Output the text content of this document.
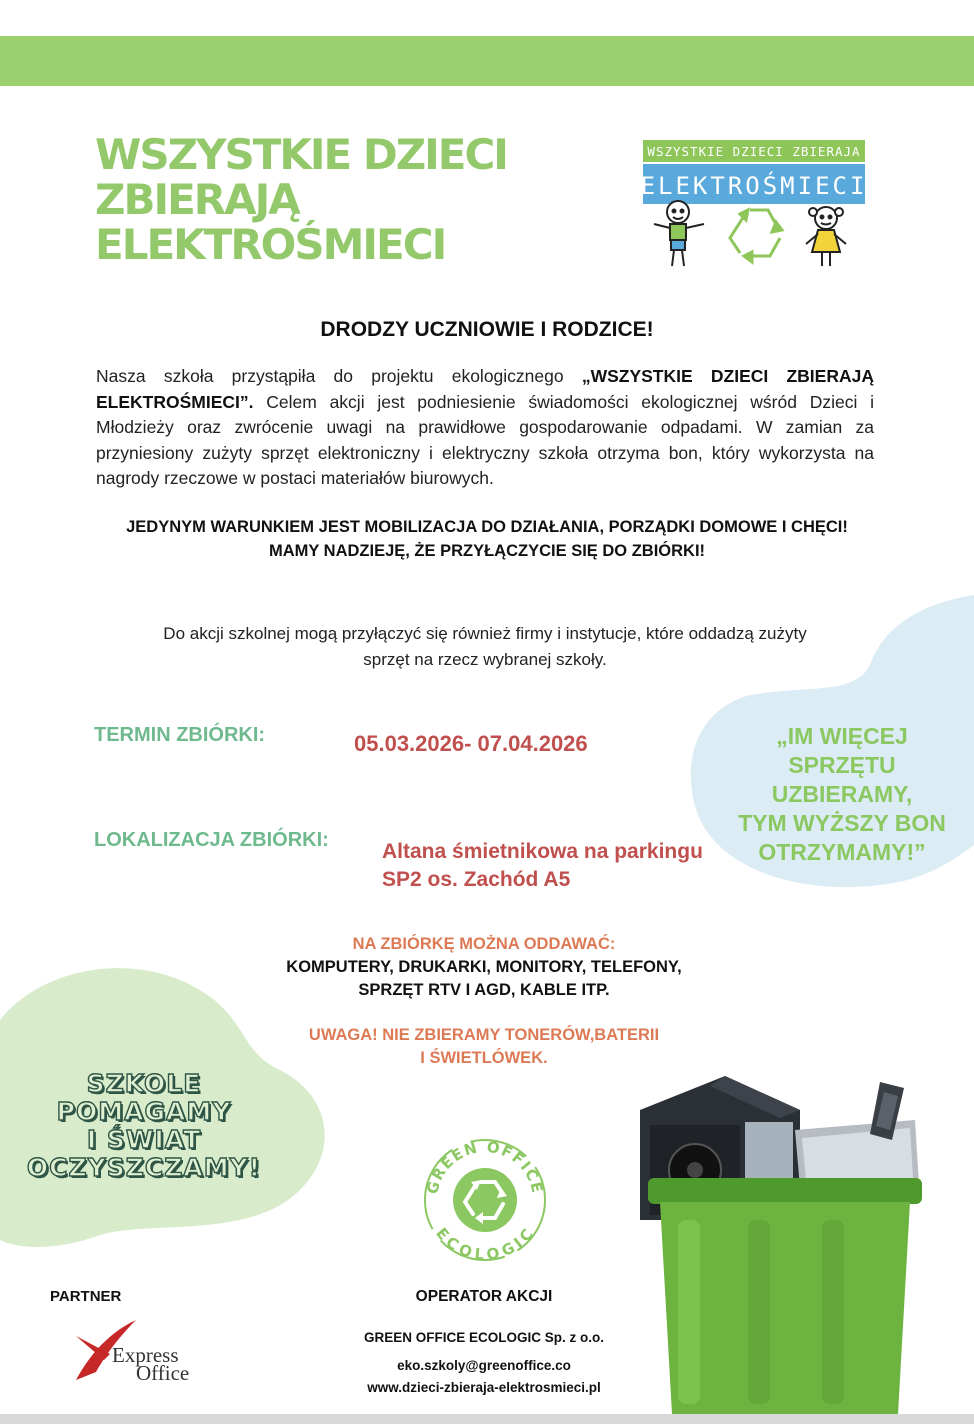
WSZYSTKIE DZIECI
ZBIERAJĄ
ELEKTROŚMIECI
WSZYSTKIE DZIECI ZBIERAJA
ELEKTROŚMIECI
DRODZY UCZNIOWIE I RODZICE!

Nasza szkoła przystąpiła do projektu ekologicznego „WSZYSTKIE DZIECI ZBIERAJĄ ELEKTROŚMIECI”. Celem akcji jest podniesienie świadomości ekologicznej wśród Dzieci i Młodzieży oraz zwrócenie uwagi na prawidłowe gospodarowanie odpadami. W zamian za przyniesiony zużyty sprzęt elektroniczny i elektryczny szkoła otrzyma bon, który wykorzysta na nagrody rzeczowe w postaci materiałów biurowych.

JEDYNYM WARUNKIEM JEST MOBILIZACJA DO DZIAŁANIA, PORZĄDKI DOMOWE I CHĘCI!
MAMY NADZIEJĘ, ŻE PRZYŁĄCZYCIE SIĘ DO ZBIÓRKI!
Do akcji szkolnej mogą przyłączyć się również firmy i instytucje, które oddadzą zużyty
sprzęt na rzecz wybranej szkoły.
TERMIN ZBIÓRKI:	05.03.2026- 07.04.2026
LOKALIZACJA ZBIÓRKI:	Altana śmietnikowa na parkingu
SP2 os. Zachód A5
„IM WIĘCEJ SPRZĘTU
UZBIERAMY,
TYM WYŻSZY BON
OTRZYMAMY!”
NA ZBIÓRKĘ MOŻNA ODDAWAĆ:
KOMPUTERY, DRUKARKI, MONITORY, TELEFONY,
SPRZĘT RTV I AGD, KABLE ITP.
UWAGA! NIE ZBIERAMY TONERÓW,BATERII
I ŚWIETLÓWEK.
SZKOLE
POMAGAMY
I ŚWIAT
OCZYSZCZAMY!
GREEN OFFICE
ECOLOGIC
PARTNER
Express
Office
OPERATOR AKCJI
GREEN OFFICE ECOLOGIC Sp. z o.o.
eko.szkoly@greenoffice.co
www.dzieci-zbieraja-elektrosmieci.pl
